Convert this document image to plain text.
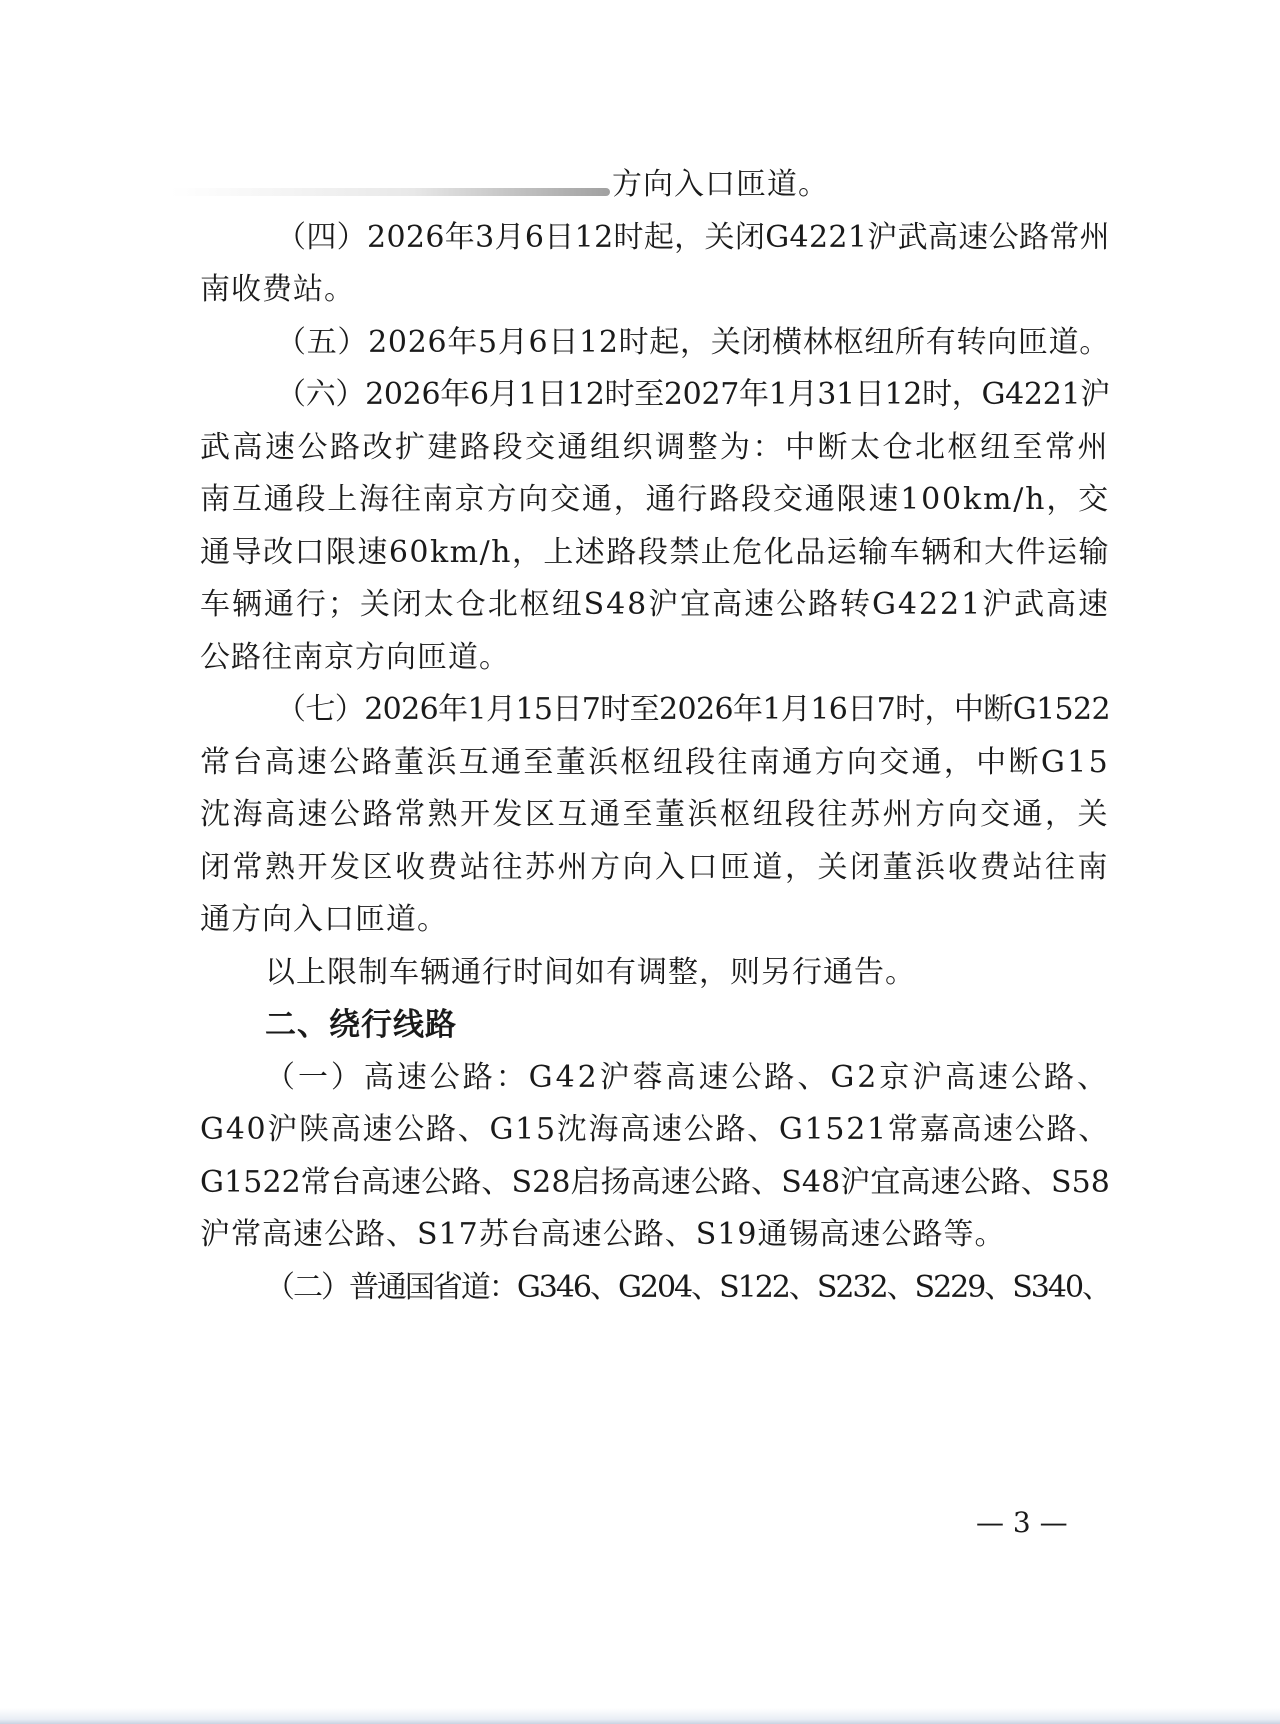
方向入口匝道。
（四）2026年3月6日12时起，关闭G4221沪武高速公路常州
南收费站。
（五）2026年5月6日12时起，关闭横林枢纽所有转向匝道。
（六）2026年6月1日12时至2027年1月31日12时，G4221沪
武高速公路改扩建路段交通组织调整为：中断太仓北枢纽至常州
南互通段上海往南京方向交通，通行路段交通限速100km/h，交
通导改口限速60km/h，上述路段禁止危化品运输车辆和大件运输
车辆通行；关闭太仓北枢纽S48沪宜高速公路转G4221沪武高速
公路往南京方向匝道。
（七）2026年1月15日7时至2026年1月16日7时，中断G1522
常台高速公路董浜互通至董浜枢纽段往南通方向交通，中断G15
沈海高速公路常熟开发区互通至董浜枢纽段往苏州方向交通，关
闭常熟开发区收费站往苏州方向入口匝道，关闭董浜收费站往南
通方向入口匝道。
以上限制车辆通行时间如有调整，则另行通告。
二、绕行线路
（一）高速公路：G42沪蓉高速公路、G2京沪高速公路、
G40沪陕高速公路、G15沈海高速公路、G1521常嘉高速公路、
G1522常台高速公路、S28启扬高速公路、S48沪宜高速公路、S58
沪常高速公路、S17苏台高速公路、S19通锡高速公路等。
（二）普通国省道：G346、G204、S122、S232、S229、S340、
— 3 —
